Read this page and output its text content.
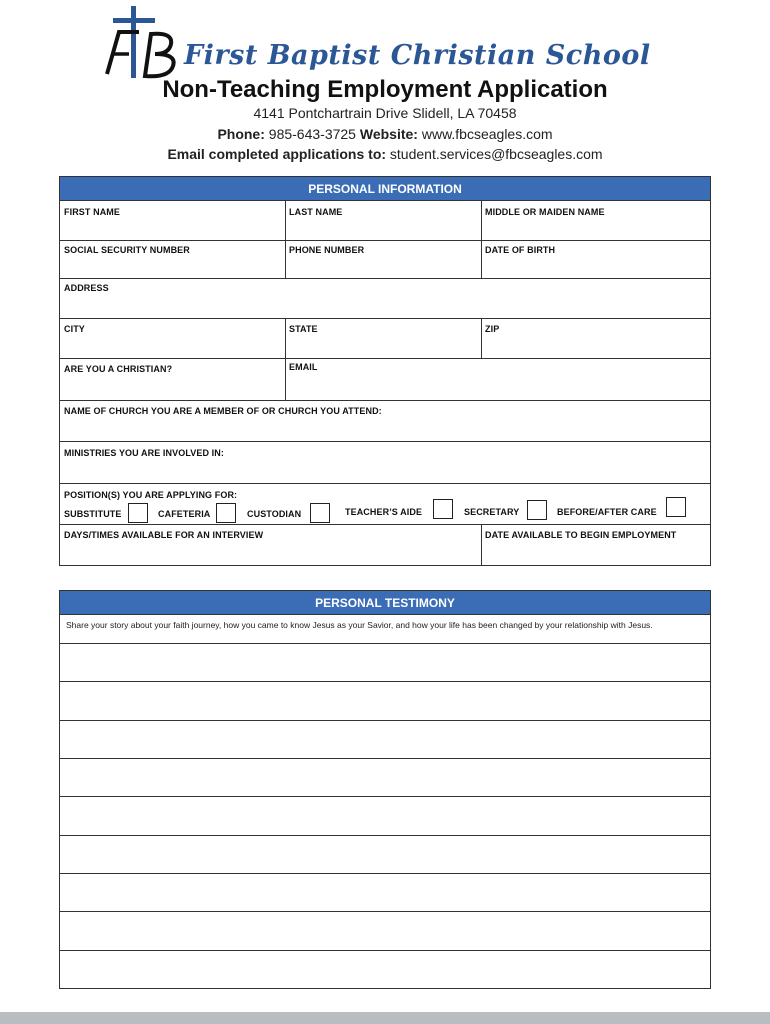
First Baptist Christian School
Non-Teaching Employment Application
4141 Pontchartrain Drive Slidell, LA 70458
Phone: 985-643-3725 Website: www.fbcseagles.com
Email completed applications to: student.services@fbcseagles.com
PERSONAL INFORMATION
FIRST NAME	LAST NAME	MIDDLE OR MAIDEN NAME
SOCIAL SECURITY NUMBER	PHONE NUMBER	DATE OF BIRTH
ADDRESS
CITY	STATE	ZIP
ARE YOU A CHRISTIAN?	EMAIL
NAME OF CHURCH YOU ARE A MEMBER OF OR CHURCH YOU ATTEND:
MINISTRIES YOU ARE INVOLVED IN:
POSITION(S) YOU ARE APPLYING FOR:
SUBSTITUTE	CAFETERIA	CUSTODIAN	TEACHER’S AIDE	SECRETARY	BEFORE/AFTER CARE
DAYS/TIMES AVAILABLE FOR AN INTERVIEW	DATE AVAILABLE TO BEGIN EMPLOYMENT
PERSONAL TESTIMONY
Share your story about your faith journey, how you came to know Jesus as your Savior, and how your life has been changed by your relationship with Jesus.
